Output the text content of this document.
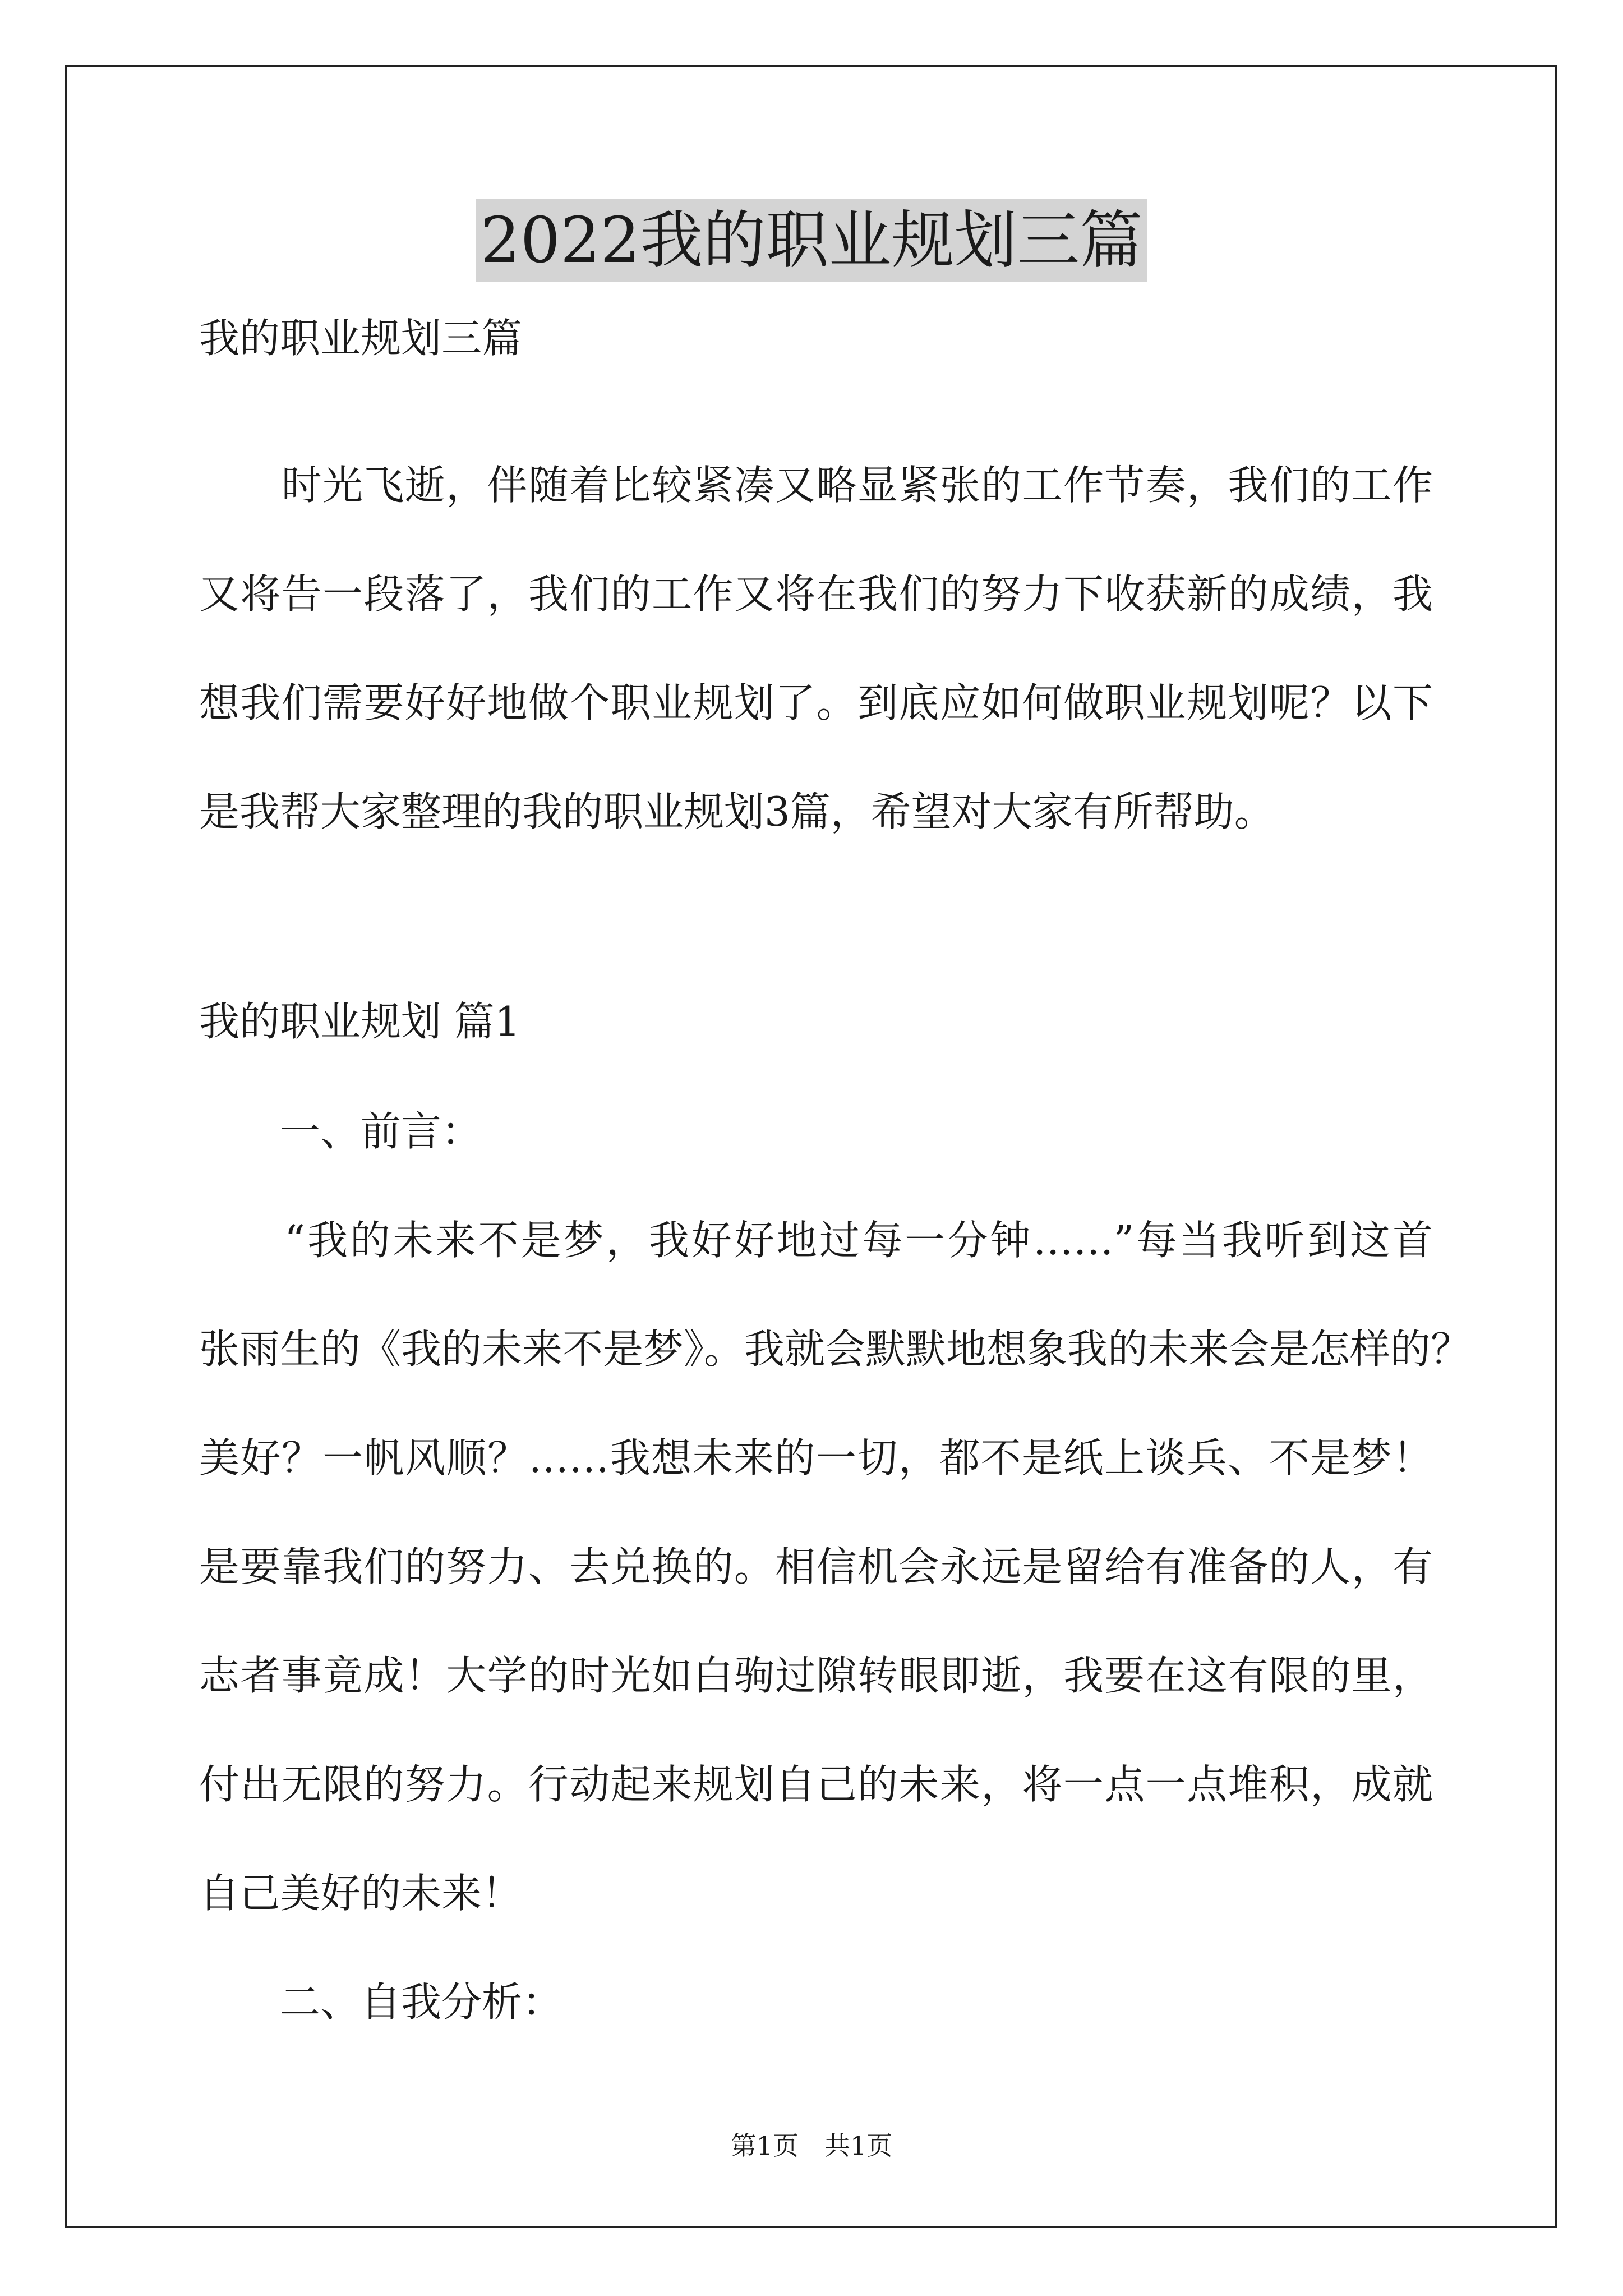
2022我的职业规划三篇
我的职业规划三篇
　　时光飞逝，伴随着比较紧凑又略显紧张的工作节奏，我们的工作
又将告一段落了，我们的工作又将在我们的努力下收获新的成绩，我
想我们需要好好地做个职业规划了。到底应如何做职业规划呢？以下
是我帮大家整理的我的职业规划3篇，希望对大家有所帮助。
我的职业规划 篇1
　　一、前言：
　　“我的未来不是梦，我好好地过每一分钟……”每当我听到这首
张雨生的《我的未来不是梦》。我就会默默地想象我的未来会是怎样的？
美好？一帆风顺？……我想未来的一切，都不是纸上谈兵、不是梦！
是要靠我们的努力、去兑换的。相信机会永远是留给有准备的人，有
志者事竟成！大学的时光如白驹过隙转眼即逝，我要在这有限的里，
付出无限的努力。行动起来规划自己的未来，将一点一点堆积，成就
自己美好的未来！
　　二、自我分析：
第1页　共1页
